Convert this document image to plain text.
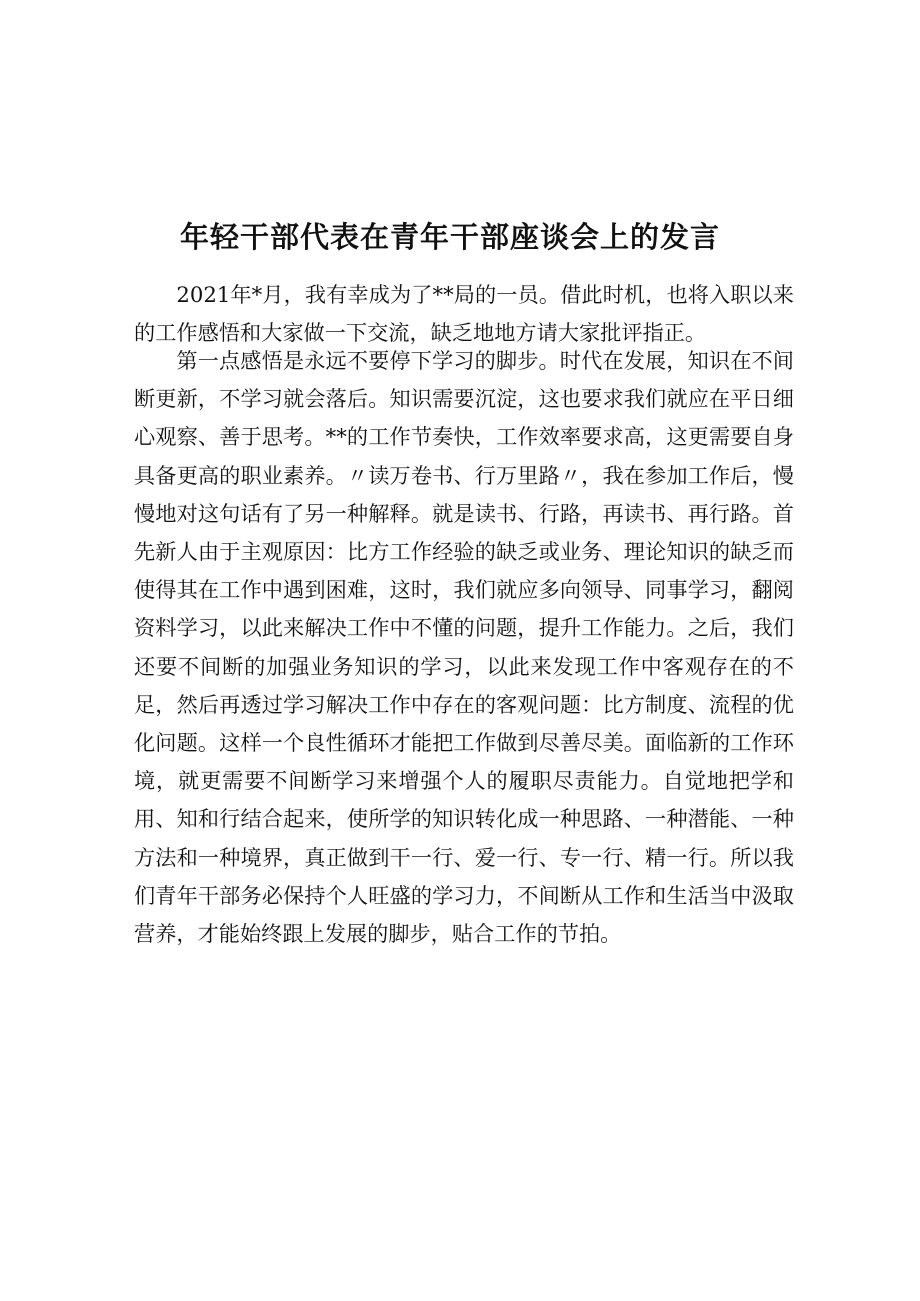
年轻干部代表在青年干部座谈会上的发言

2021年*月，我有幸成为了**局的一员。借此时机，也将入职以来的工作感悟和大家做一下交流，缺乏地地方请大家批评指正。

第一点感悟是永远不要停下学习的脚步。时代在发展，知识在不间断更新，不学习就会落后。知识需要沉淀，这也要求我们就应在平日细心观察、善于思考。**的工作节奏快，工作效率要求高，这更需要自身具备更高的职业素养。〃读万卷书、行万里路〃，我在参加工作后，慢慢地对这句话有了另一种解释。就是读书、行路，再读书、再行路。首先新人由于主观原因：比方工作经验的缺乏或业务、理论知识的缺乏而使得其在工作中遇到困难，这时，我们就应多向领导、同事学习，翻阅资料学习，以此来解决工作中不懂的问题，提升工作能力。之后，我们还要不间断的加强业务知识的学习，以此来发现工作中客观存在的不足，然后再透过学习解决工作中存在的客观问题：比方制度、流程的优化问题。这样一个良性循环才能把工作做到尽善尽美。面临新的工作环境，就更需要不间断学习来增强个人的履职尽责能力。自觉地把学和用、知和行结合起来，使所学的知识转化成一种思路、一种潜能、一种方法和一种境界，真正做到干一行、爱一行、专一行、精一行。所以我们青年干部务必保持个人旺盛的学习力，不间断从工作和生活当中汲取营养，才能始终跟上发展的脚步，贴合工作的节拍。
